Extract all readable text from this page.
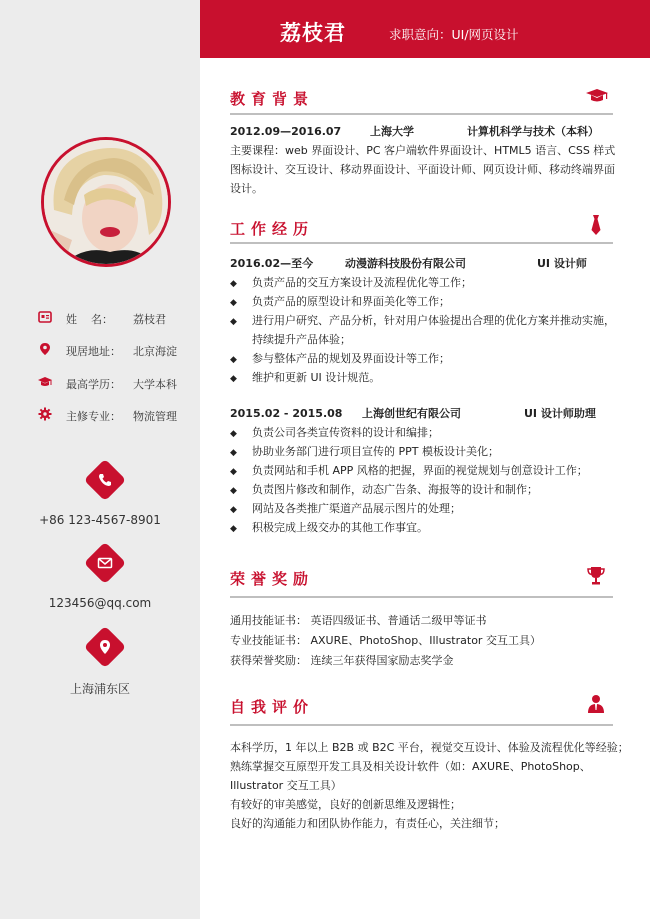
荔枝君	求职意向：UI/网页设计
姓    名： 荔枝君
现居地址： 北京海淀
最高学历： 大学本科
主修专业： 物流管理
+86 123-4567-8901
123456@qq.com
上海浦东区
教育背景
2012.09—2016.07	上海大学	计算机科学与技术（本科）
主要课程：web 界面设计、PC 客户端软件界面设计、HTML5 语言、CSS 样式
图标设计、交互设计、移动界面设计、平面设计师、网页设计师、移动终端界面
设计。
工作经历
2016.02—至今	动漫游科技股份有限公司	UI 设计师
◆ 负责产品的交互方案设计及流程优化等工作；
◆ 负责产品的原型设计和界面美化等工作；
◆ 进行用户研究、产品分析，针对用户体验提出合理的优化方案并推动实施，
持续提升产品体验；
◆ 参与整体产品的规划及界面设计等工作；
◆ 维护和更新 UI 设计规范。
2015.02 - 2015.08 上海创世纪有限公司	UI 设计师助理
◆ 负责公司各类宣传资料的设计和编排；
◆ 协助业务部门进行项目宣传的 PPT 模板设计美化；
◆ 负责网站和手机 APP 风格的把握，界面的视觉规划与创意设计工作；
◆ 负责图片修改和制作，动态广告条、海报等的设计和制作；
◆ 网站及各类推广渠道产品展示图片的处理；
◆ 积极完成上级交办的其他工作事宜。
荣誉奖励
通用技能证书： 英语四级证书、普通话二级甲等证书
专业技能证书： AXURE、PhotoShop、Illustrator 交互工具）
获得荣誉奖励： 连续三年获得国家励志奖学金
自我评价
本科学历，1 年以上 B2B 或 B2C 平台，视觉交互设计、体验及流程优化等经验；
熟练掌握交互原型开发工具及相关设计软件（如：AXURE、PhotoShop、
Illustrator 交互工具）
有较好的审美感觉，良好的创新思维及逻辑性；
良好的沟通能力和团队协作能力，有责任心，关注细节；
